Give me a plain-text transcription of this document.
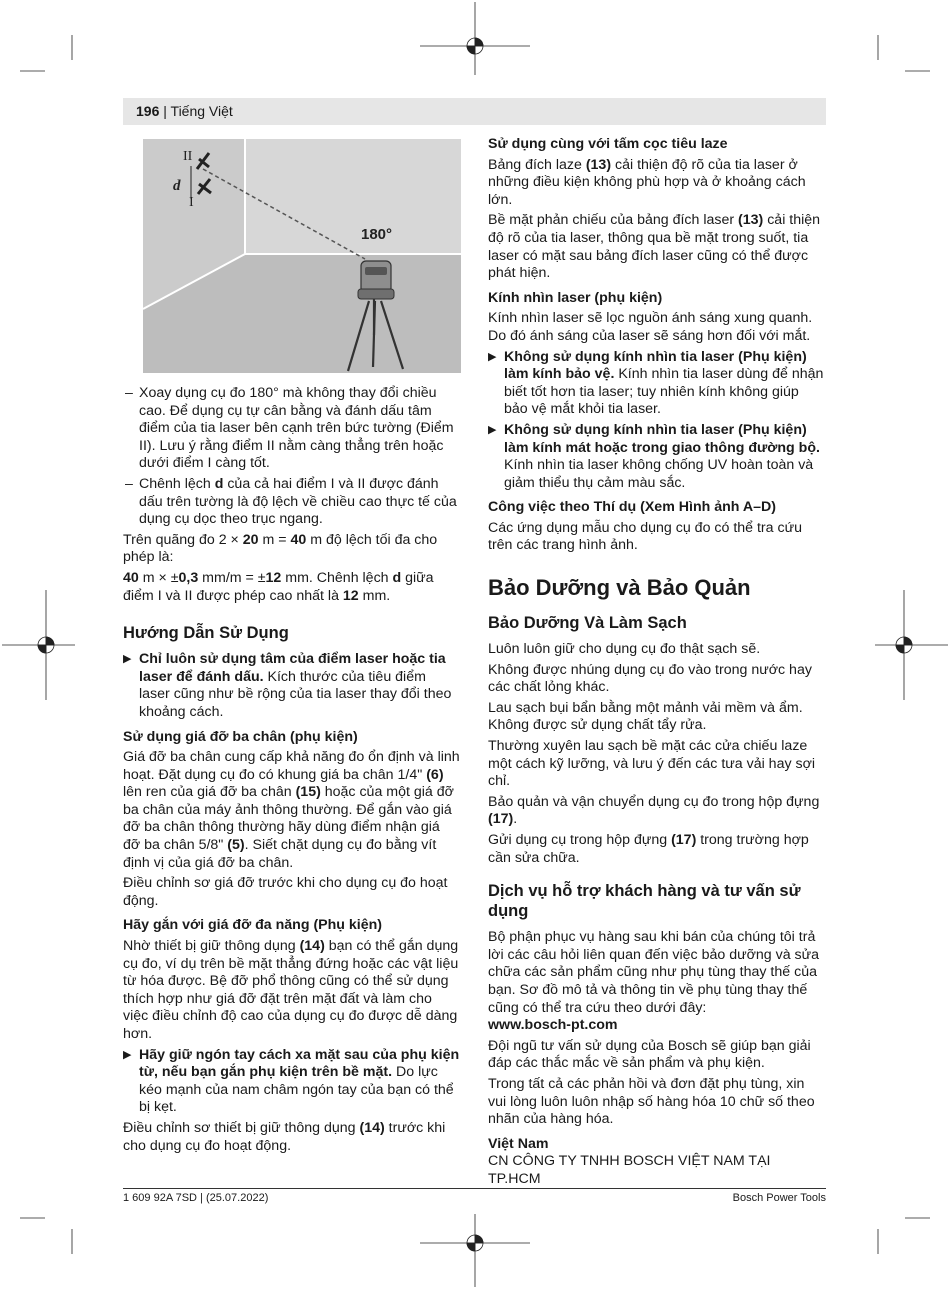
196 | Tiếng Việt
II
I
d
180°
– Xoay dụng cụ đo 180° mà không thay đổi chiều cao. Để dụng cụ tự cân bằng và đánh dấu tâm điểm của tia laser bên cạnh trên bức tường (Điểm II). Lưu ý rằng điểm II nằm càng thẳng trên hoặc dưới điểm I càng tốt.
– Chênh lệch d của cả hai điểm I và II được đánh dấu trên tường là độ lệch về chiều cao thực tế của dụng cụ dọc theo trục ngang.

Trên quãng đo 2 × 20 m = 40 m độ lệch tối đa cho phép là:

40 m × ±0,3 mm/m = ±12 mm. Chênh lệch d giữa điểm I và II được phép cao nhất là 12 mm.

Hướng Dẫn Sử Dụng
▶ Chỉ luôn sử dụng tâm của điểm laser hoặc tia laser để đánh dấu. Kích thước của tiêu điểm laser cũng như bề rộng của tia laser thay đổi theo khoảng cách.
Sử dụng giá đỡ ba chân (phụ kiện)

Giá đỡ ba chân cung cấp khả năng đo ổn định và linh hoạt. Đặt dụng cụ đo có khung giá ba chân 1/4" (6) lên ren của giá đỡ ba chân (15) hoặc của một giá đỡ ba chân của máy ảnh thông thường. Để gắn vào giá đỡ ba chân thông thường hãy dùng điểm nhận giá đỡ ba chân 5/8" (5). Siết chặt dụng cụ đo bằng vít định vị của giá đỡ ba chân.

Điều chỉnh sơ giá đỡ trước khi cho dụng cụ đo hoạt động.

Hãy gắn với giá đỡ đa năng (Phụ kiện)

Nhờ thiết bị giữ thông dụng (14) bạn có thể gắn dụng cụ đo, ví dụ trên bề mặt thẳng đứng hoặc các vật liệu từ hóa được. Bệ đỡ phổ thông cũng có thể sử dụng thích hợp như giá đỡ đặt trên mặt đất và làm cho việc điều chỉnh độ cao của dụng cụ đo được dễ dàng hơn.

▶ Hãy giữ ngón tay cách xa mặt sau của phụ kiện từ, nếu bạn gắn phụ kiện trên bề mặt. Do lực kéo mạnh của nam châm ngón tay của bạn có thể bị kẹt.

Điều chỉnh sơ thiết bị giữ thông dụng (14) trước khi cho dụng cụ đo hoạt động.

Sử dụng cùng với tấm cọc tiêu laze

Bảng đích laze (13) cải thiện độ rõ của tia laser ở những điều kiện không phù hợp và ở khoảng cách lớn.

Bề mặt phản chiếu của bảng đích laser (13) cải thiện độ rõ của tia laser, thông qua bề mặt trong suốt, tia laser có mặt sau bảng đích laser cũng có thể được phát hiện.

Kính nhìn laser (phụ kiện)

Kính nhìn laser sẽ lọc nguồn ánh sáng xung quanh. Do đó ánh sáng của laser sẽ sáng hơn đối với mắt.

▶ Không sử dụng kính nhìn tia laser (Phụ kiện) làm kính bảo vệ. Kính nhìn tia laser dùng để nhận biết tốt hơn tia laser; tuy nhiên kính không giúp bảo vệ mắt khỏi tia laser.
▶ Không sử dụng kính nhìn tia laser (Phụ kiện) làm kính mát hoặc trong giao thông đường bộ. Kính nhìn tia laser không chống UV hoàn toàn và giảm thiểu thụ cảm màu sắc.
Công việc theo Thí dụ (Xem Hình ảnh A–D)

Các ứng dụng mẫu cho dụng cụ đo có thể tra cứu trên các trang hình ảnh.

Bảo Dưỡng và Bảo Quản
Bảo Dưỡng Và Làm Sạch

Luôn luôn giữ cho dụng cụ đo thật sạch sẽ.

Không được nhúng dụng cụ đo vào trong nước hay các chất lỏng khác.

Lau sạch bụi bẩn bằng một mảnh vải mềm và ẩm. Không được sử dụng chất tẩy rửa.

Thường xuyên lau sạch bề mặt các cửa chiếu laze một cách kỹ lưỡng, và lưu ý đến các tưa vải hay sợi chỉ.

Bảo quản và vận chuyển dụng cụ đo trong hộp đựng (17).

Gửi dụng cụ trong hộp đựng (17) trong trường hợp cần sửa chữa.

Dịch vụ hỗ trợ khách hàng và tư vấn sử dụng

Bộ phận phục vụ hàng sau khi bán của chúng tôi trả lời các câu hỏi liên quan đến việc bảo dưỡng và sửa chữa các sản phẩm cũng như phụ tùng thay thế của bạn. Sơ đồ mô tả và thông tin về phụ tùng thay thế cũng có thể tra cứu theo dưới đây:

www.bosch-pt.com

Đội ngũ tư vấn sử dụng của Bosch sẽ giúp bạn giải đáp các thắc mắc về sản phẩm và phụ kiện.

Trong tất cả các phản hồi và đơn đặt phụ tùng, xin vui lòng luôn luôn nhập số hàng hóa 10 chữ số theo nhãn của hàng hóa.

Việt Nam

CN CÔNG TY TNHH BOSCH VIỆT NAM TẠI TP.HCM

1 609 92A 7SD | (25.07.2022)	Bosch Power Tools
